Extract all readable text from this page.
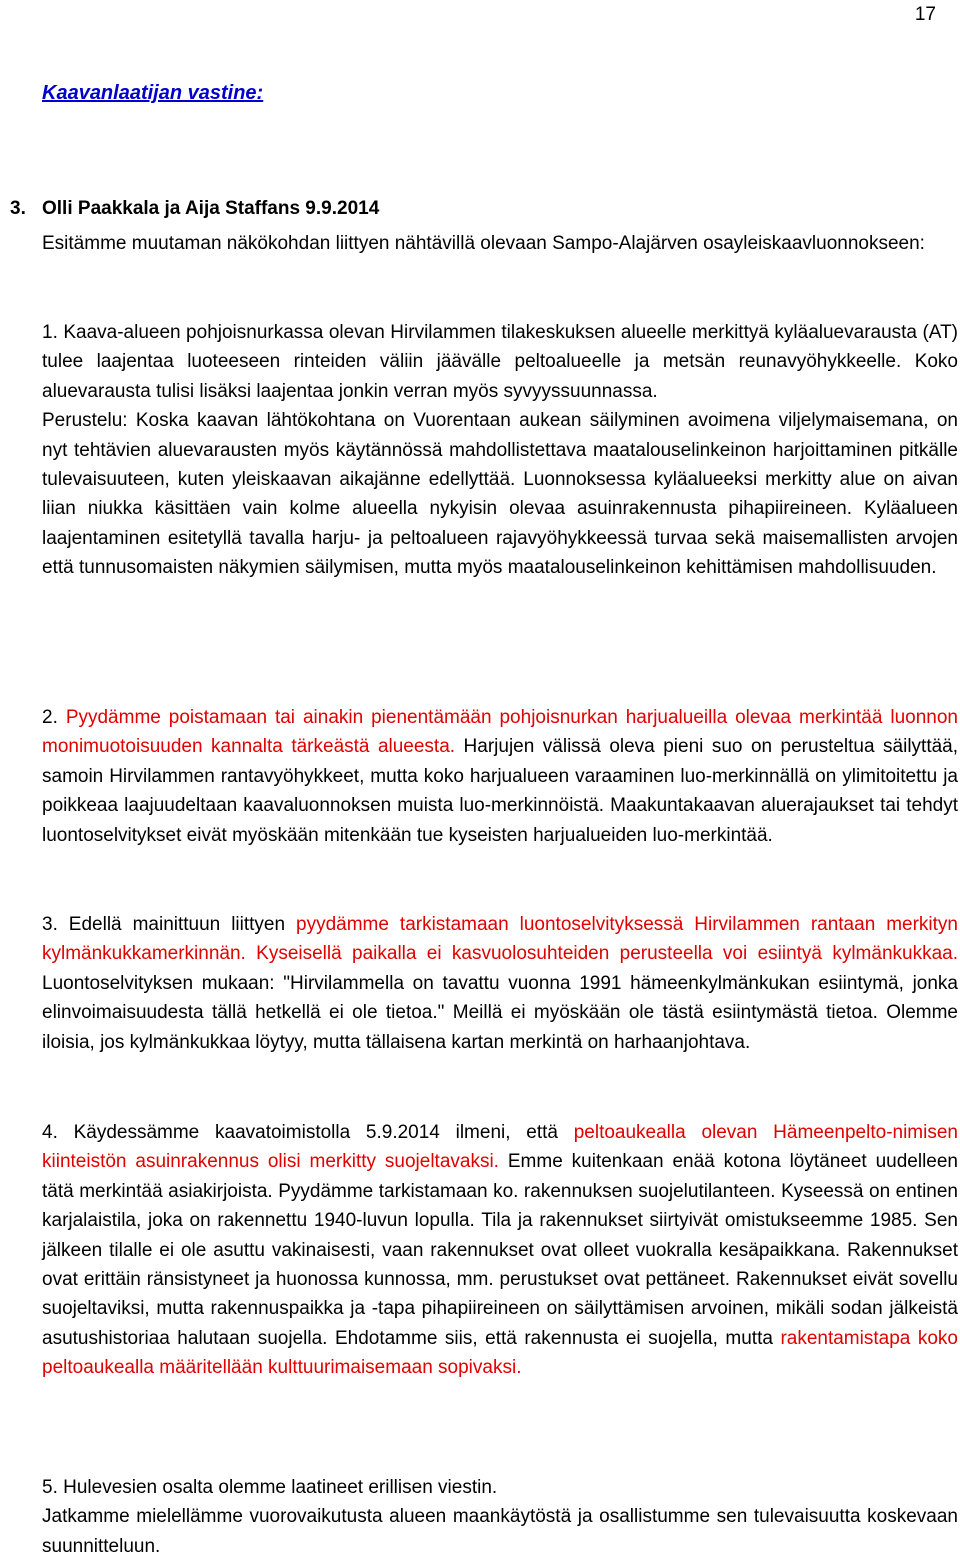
17
Kaavanlaatijan vastine:
3. Olli Paakkala ja Aija Staffans 9.9.2014

Esitämme muutaman näkökohdan liittyen nähtävillä olevaan Sampo-Alajärven osayleiskaavluonnokseen:

1. Kaava-alueen pohjoisnurkassa olevan Hirvilammen tilakeskuksen alueelle merkittyä kyläaluevarausta (AT) tulee laajentaa luoteeseen rinteiden väliin jäävälle peltoalueelle ja metsän reunavyöhykkeelle. Koko aluevarausta tulisi lisäksi laajentaa jonkin verran myös syvyyssuunnassa.

Perustelu: Koska kaavan lähtökohtana on Vuorentaan aukean säilyminen avoimena viljelymaisemana, on nyt tehtävien aluevarausten myös käytännössä mahdollistettava maatalouselinkeinon harjoittaminen pitkälle tulevaisuuteen, kuten yleiskaavan aikajänne edellyttää. Luonnoksessa kyläalueeksi merkitty alue on aivan liian niukka käsittäen vain kolme alueella nykyisin olevaa asuinrakennusta pihapiireineen. Kyläalueen laajentaminen esitetyllä tavalla harju- ja peltoalueen rajavyöhykkeessä turvaa sekä maisemallisten arvojen että tunnusomaisten näkymien säilymisen, mutta myös maatalouselinkeinon kehittämisen mahdollisuuden.

2. Pyydämme poistamaan tai ainakin pienentämään pohjoisnurkan harjualueilla olevaa merkintää luonnon monimuotoisuuden kannalta tärkeästä alueesta. Harjujen välissä oleva pieni suo on perusteltua säilyttää, samoin Hirvilammen rantavyöhykkeet, mutta koko harjualueen varaaminen luo-merkinnällä on ylimitoitettu ja poikkeaa laajuudeltaan kaavaluonnoksen muista luo-merkinnöistä. Maakuntakaavan aluerajaukset tai tehdyt luontoselvitykset eivät myöskään mitenkään tue kyseisten harjualueiden luo-merkintää.

3. Edellä mainittuun liittyen pyydämme tarkistamaan luontoselvityksessä Hirvilammen rantaan merkityn kylmänkukkamerkinnän. Kyseisellä paikalla ei kasvuolosuhteiden perusteella voi esiintyä kylmänkukkaa. Luontoselvityksen mukaan: "Hirvilammella on tavattu vuonna 1991 hämeenkylmänkukan esiintymä, jonka elinvoimaisuudesta tällä hetkellä ei ole tietoa." Meillä ei myöskään ole tästä esiintymästä tietoa. Olemme iloisia, jos kylmänkukkaa löytyy, mutta tällaisena kartan merkintä on harhaanjohtava.

4. Käydessämme kaavatoimistolla 5.9.2014 ilmeni, että peltoaukealla olevan Hämeenpelto-nimisen kiinteistön asuinrakennus olisi merkitty suojeltavaksi. Emme kuitenkaan enää kotona löytäneet uudelleen tätä merkintää asiakirjoista. Pyydämme tarkistamaan ko. rakennuksen suojelutilanteen. Kyseessä on entinen karjalaistila, joka on rakennettu 1940-luvun lopulla. Tila ja rakennukset siirtyivät omistukseemme 1985. Sen jälkeen tilalle ei ole asuttu vakinaisesti, vaan rakennukset ovat olleet vuokralla kesäpaikkana. Rakennukset ovat erittäin ränsistyneet ja huonossa kunnossa, mm. perustukset ovat pettäneet. Rakennukset eivät sovellu suojeltaviksi, mutta rakennuspaikka ja -tapa pihapiireineen on säilyttämisen arvoinen, mikäli sodan jälkeistä asutushistoriaa halutaan suojella. Ehdotamme siis, että rakennusta ei suojella, mutta rakentamistapa koko peltoaukealla määritellään kulttuurimaisemaan sopivaksi.

5. Hulevesien osalta olemme laatineet erillisen viestin.

Jatkamme mielellämme vuorovaikutusta alueen maankäytöstä ja osallistumme sen tulevaisuutta koskevaan suunnitteluun.
